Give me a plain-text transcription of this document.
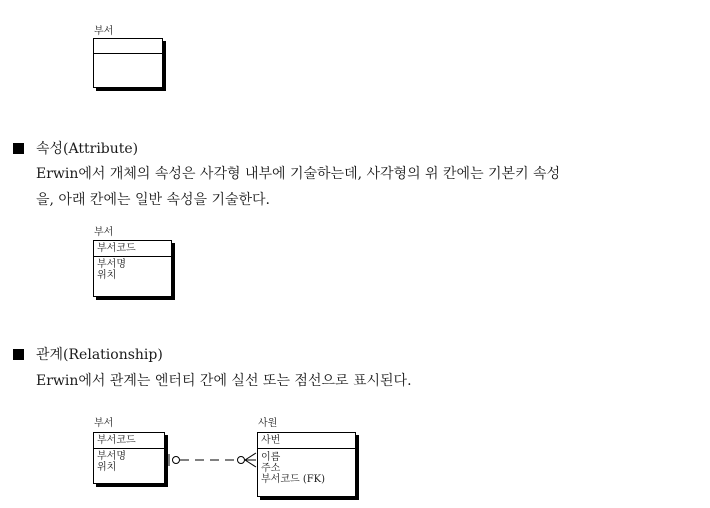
부서
속성(Attribute)
Erwin에서 개체의 속성은 사각형 내부에 기술하는데, 사각형의 위 칸에는 기본키 속성
을, 아래 칸에는 일반 속성을 기술한다.
부서
부서코드
부서명
위치
관계(Relationship)
Erwin에서 관계는 엔터티 간에 실선 또는 점선으로 표시된다.
부서
부서코드
부서명
위치
사원
사번
이름
주소
부서코드 (FK)
